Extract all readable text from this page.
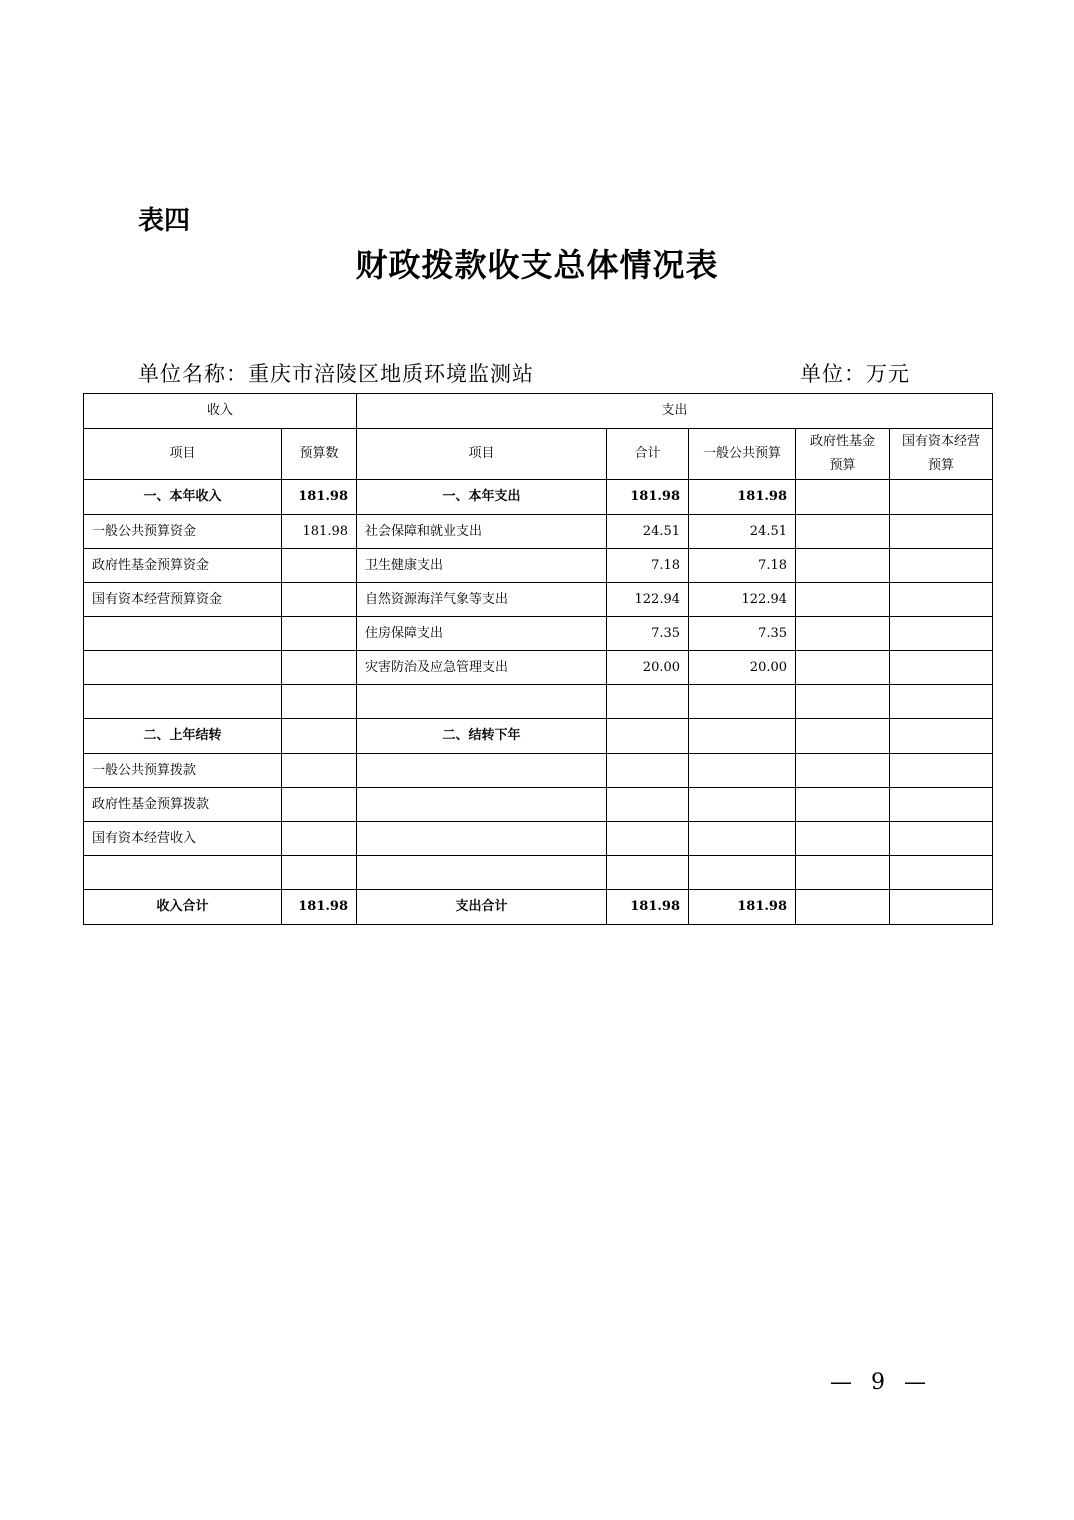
表四
财政拨款收支总体情况表
单位名称：重庆市涪陵区地质环境监测站	单位：万元
收入		支出				
项目	预算数	项目	合计	一般公共预算	政府性基金预算	国有资本经营预算
一、本年收入	181.98	一、本年支出	181.98	181.98		
一般公共预算资金	181.98	社会保障和就业支出	24.51	24.51		
政府性基金预算资金		卫生健康支出	7.18	7.18		
国有资本经营预算资金		自然资源海洋气象等支出	122.94	122.94		
		住房保障支出	7.35	7.35		
		灾害防治及应急管理支出	20.00	20.00		

二、上年结转		二、结转下年				
一般公共预算拨款						
政府性基金预算拨款						
国有资本经营收入						

收入合计	181.98	支出合计	181.98	181.98		
— 9 —
